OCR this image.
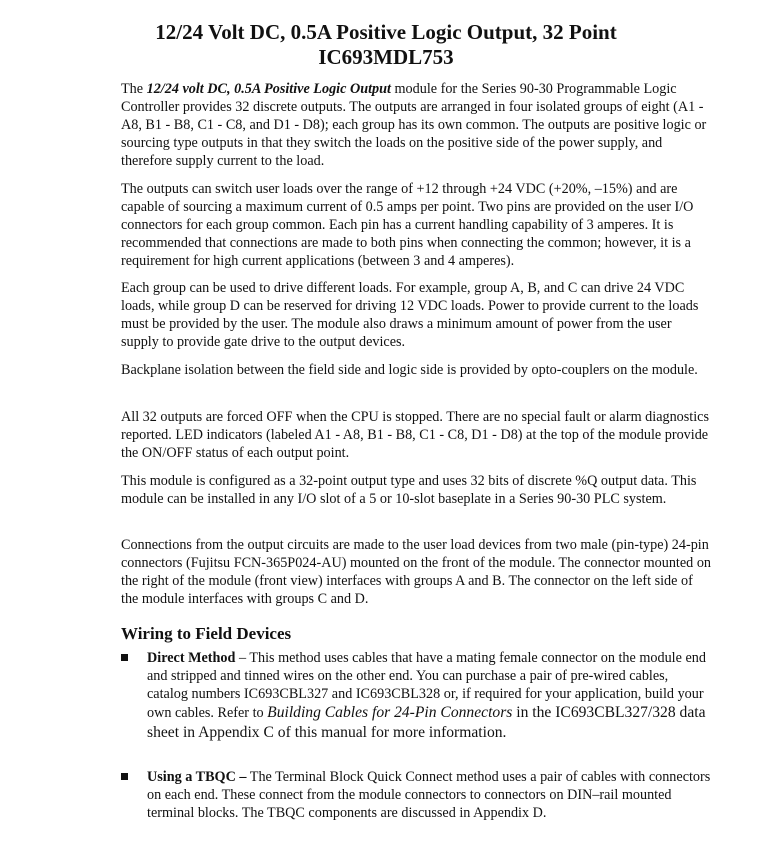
12/24 Volt DC, 0.5A Positive Logic Output, 32 Point
IC693MDL753

The 12/24 volt DC, 0.5A Positive Logic Output module for the Series 90-30 Programmable Logic Controller provides 32 discrete outputs. The outputs are arranged in four isolated groups of eight (A1 - A8, B1 - B8, C1 - C8, and D1 - D8); each group has its own common. The outputs are positive logic or sourcing type outputs in that they switch the loads on the positive side of the power supply, and therefore supply current to the load.

The outputs can switch user loads over the range of +12 through +24 VDC (+20%, –15%) and are capable of sourcing a maximum current of 0.5 amps per point. Two pins are provided on the user I/O connectors for each group common. Each pin has a current handling capability of 3 amperes. It is recommended that connections are made to both pins when connecting the common; however, it is a requirement for high current applications (between 3 and 4 amperes).

Each group can be used to drive different loads. For example, group A, B, and C can drive 24 VDC loads, while group D can be reserved for driving 12 VDC loads. Power to provide current to the loads must be provided by the user. The module also draws a minimum amount of power from the user supply to provide gate drive to the output devices.

Backplane isolation between the field side and logic side is provided by opto-couplers on the module.

All 32 outputs are forced OFF when the CPU is stopped. There are no special fault or alarm diagnostics reported. LED indicators (labeled A1 - A8, B1 - B8, C1 - C8, D1 - D8) at the top of the module provide the ON/OFF status of each output point.

This module is configured as a 32-point output type and uses 32 bits of discrete %Q output data. This module can be installed in any I/O slot of a 5 or 10-slot baseplate in a Series 90-30 PLC system.

Connections from the output circuits are made to the user load devices from two male (pin-type) 24-pin connectors (Fujitsu FCN-365P024-AU) mounted on the front of the module. The connector mounted on the right of the module (front view) interfaces with groups A and B. The connector on the left side of the module interfaces with groups C and D.

Wiring to Field Devices

Direct Method – This method uses cables that have a mating female connector on the module end and stripped and tinned wires on the other end. You can purchase a pair of pre-wired cables, catalog numbers IC693CBL327 and IC693CBL328 or, if required for your application, build your own cables. Refer to Building Cables for 24-Pin Connectors in the IC693CBL327/328 data sheet in Appendix C of this manual for more information.

Using a TBQC – The Terminal Block Quick Connect method uses a pair of cables with connectors on each end. These connect from the module connectors to connectors on DIN–rail mounted terminal blocks. The TBQC components are discussed in Appendix D.
